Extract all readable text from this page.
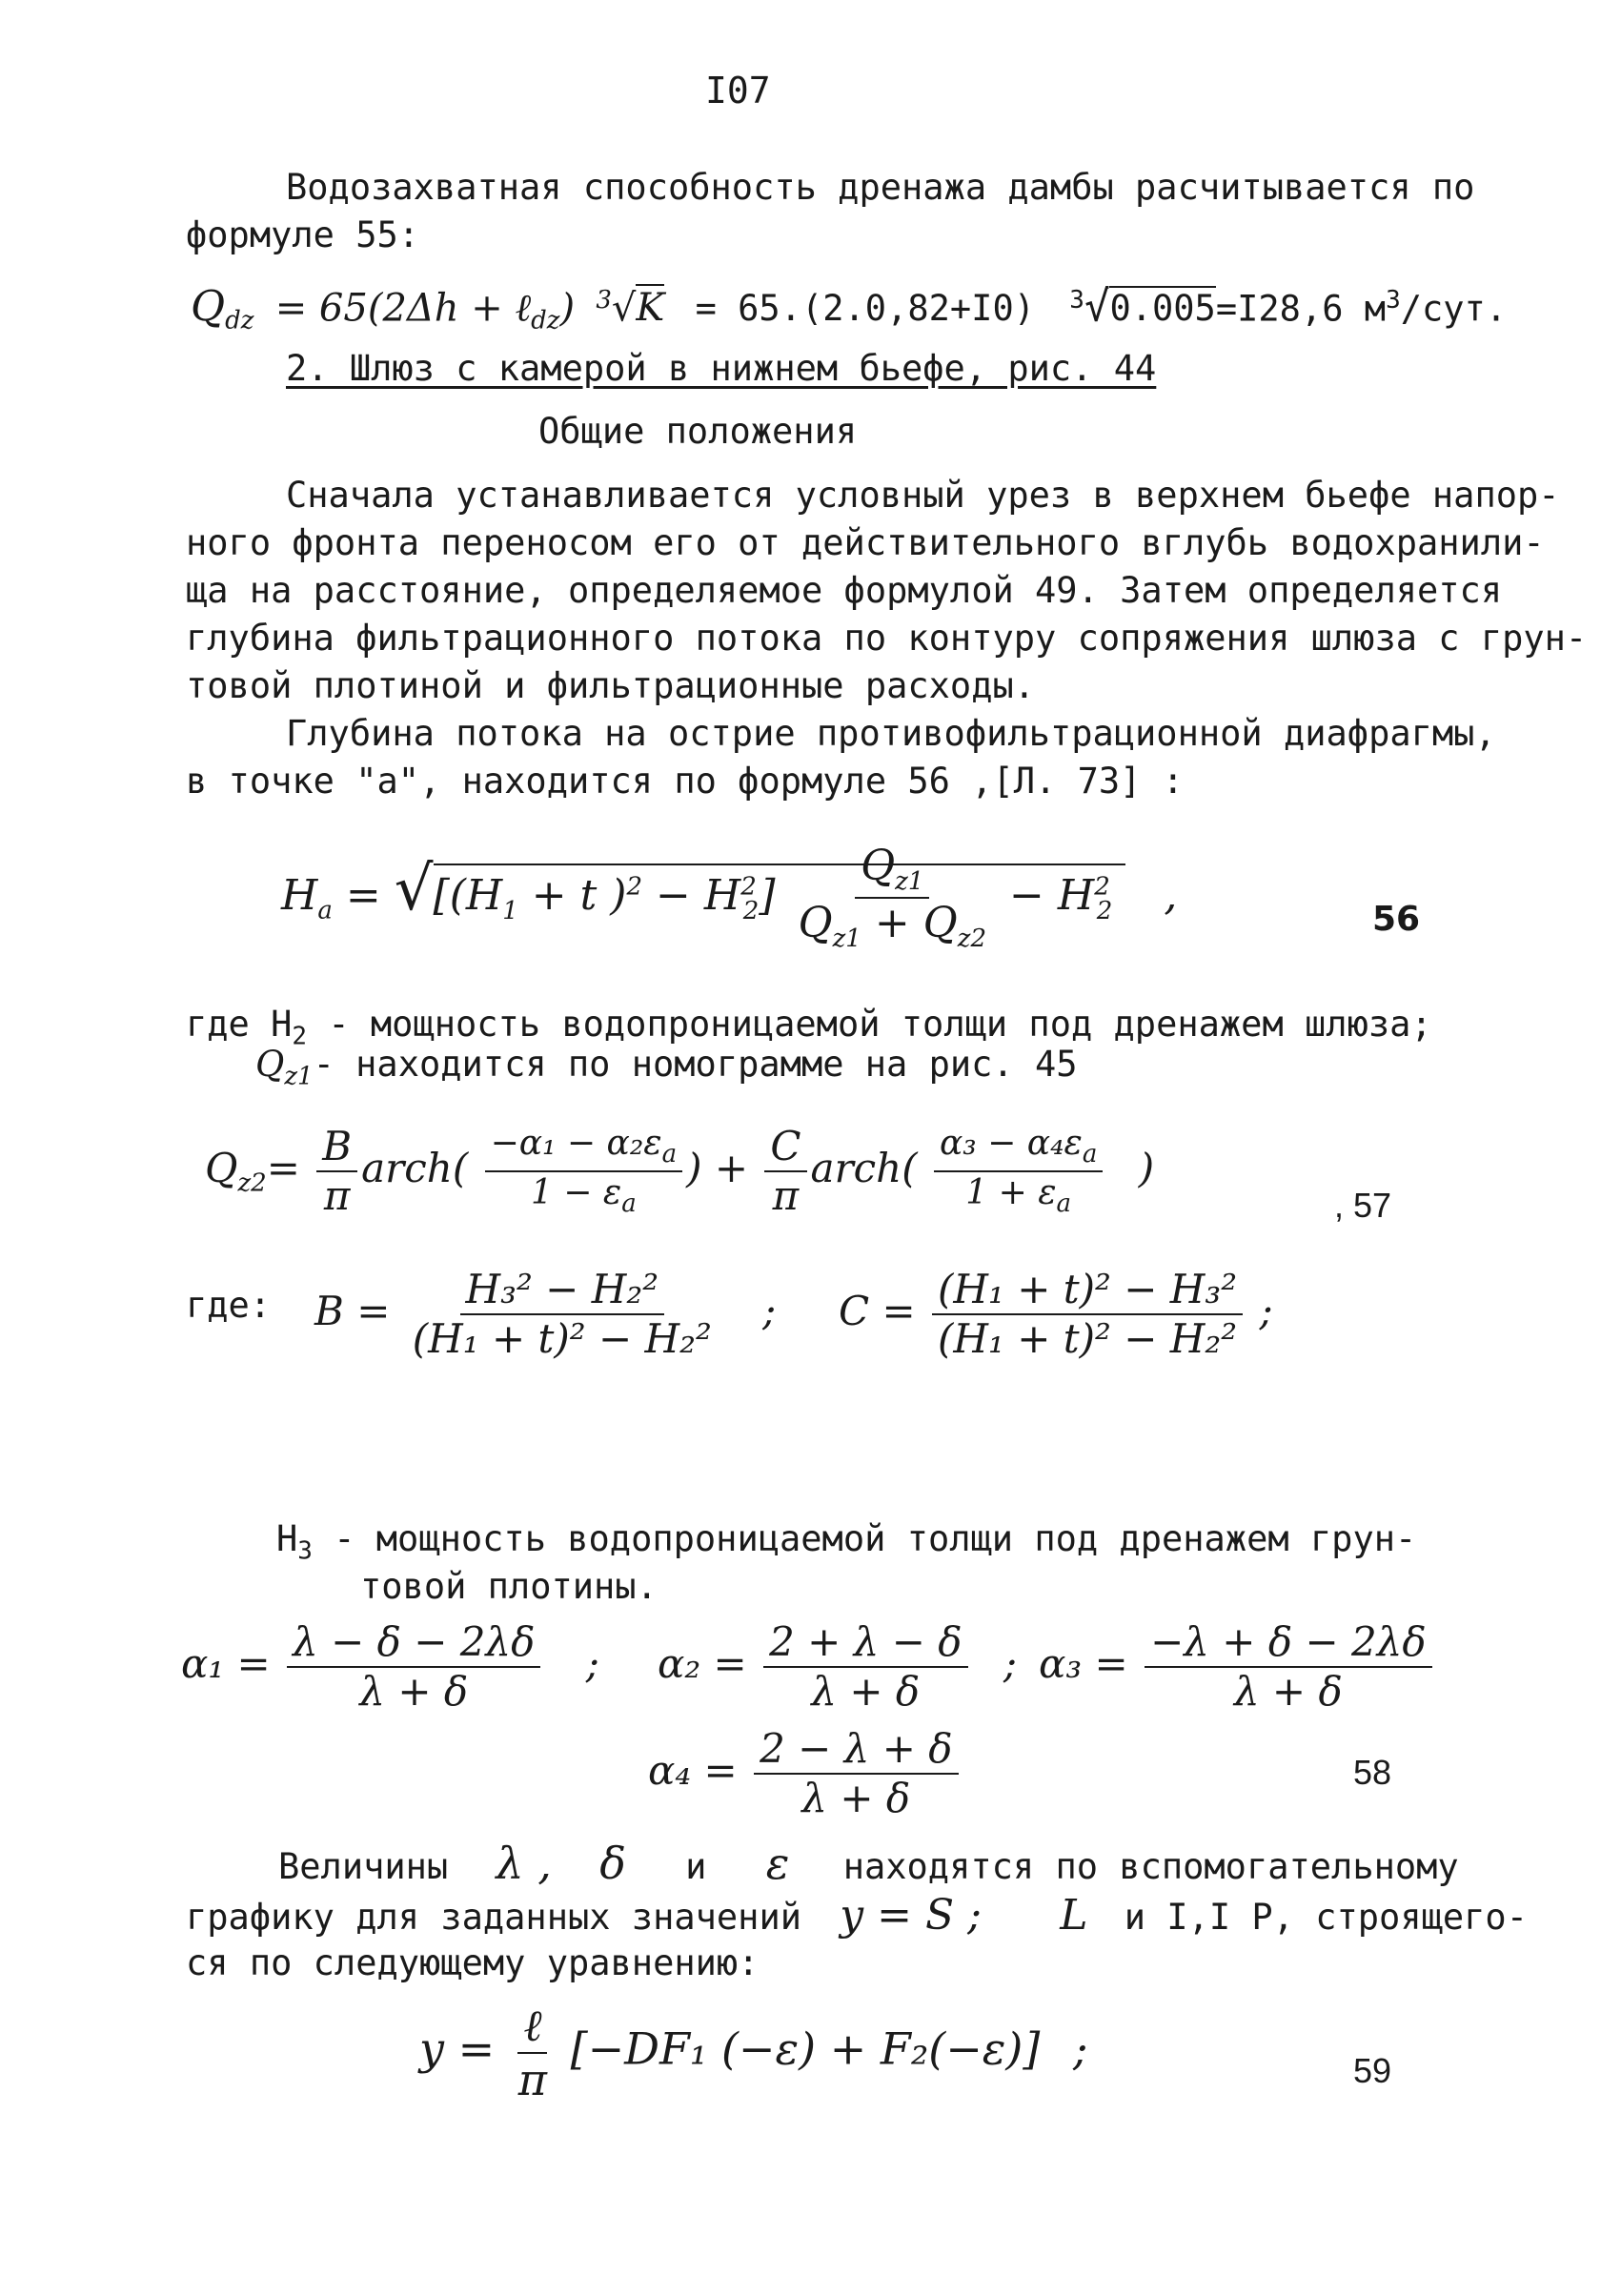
I07
Водозахватная способность дренажа дамбы расчитывается по
формуле 55:
$Q_{dz} = 65(2\Delta h$ + ℓ$_{dz}$) $^3$√K = 65.(2.0,82+I0) $^3$√0.005=I28,6 $м^3$/сут.
2. Шлюз с камерой в нижнем бьефе, рис. 44
Общие положения
Сначала устанавливается условный урез в верхнем бьефе напор-
ного фронта переносом его от действительного вглубь водохранили-
ща на расстояние, определяемое формулой 49. Затем определяется
глубина фильтрационного потока по контуру сопряжения шлюза с грун-
товой плотиной и фильтрационные расходы.
Глубина потока на острие противофильтрационной диафрагмы,
в точке "а", находится по формуле 56 ,[Л. 73] :
$H_a = √[(H_1 + t$ )$^2 - H^2_2] \frac{Q_{z1}}{Q_{z1} + Q_{z2}} - H^2_2$ ,	56
где $H_2$ - мощность водопроницаемой толщи под дренажем шлюза;
$Q_{z1}-$ находится по номограмме на рис. 45
$Q_{z2}= \frac{B}{\pi}$ arch( $\frac{-\alpha_1 - \alpha_2\varepsilon_a}{1 - \varepsilon_a}$ ) + $\frac{C}{\pi}$ arch( $\frac{\alpha_3 - \alpha_4\varepsilon_a}{1 + \varepsilon_a}$ )
, 57
где: $B = \frac{\text{H₃² − H₂²}}{\text{(H₁ + t)² − H₂²}}$ ; $C = \frac{\text{(H₁ + t)² − H₃²}}{\text{(H₁ + t)² − H₂²}}$ ;
$H_3$ - мощность водопроницаемой толщи под дренажем грун-
товой плотины.
$\alpha_1 = \frac{\lambda - \delta - 2\lambda\delta}{\lambda + \delta}$ ; $\alpha_2 = \frac{2 + \lambda - \delta}{\lambda + \delta}$ ; $\alpha_3 = \frac{-\lambda + \delta - 2\lambda\delta}{\lambda + \delta}$
$\alpha_4 = \frac{2 - \lambda + \delta}{\lambda + \delta}$	58
Величины λ , δ и ε находятся по вспомогательному
графику для заданных значений y = S ; L и I,I P, строящего-
ся по следующему уравнению:
$y = \frac{\text{ℓ}}{\pi} [-DF_1$ (−ε) + F₂(−ε)] ;	59
